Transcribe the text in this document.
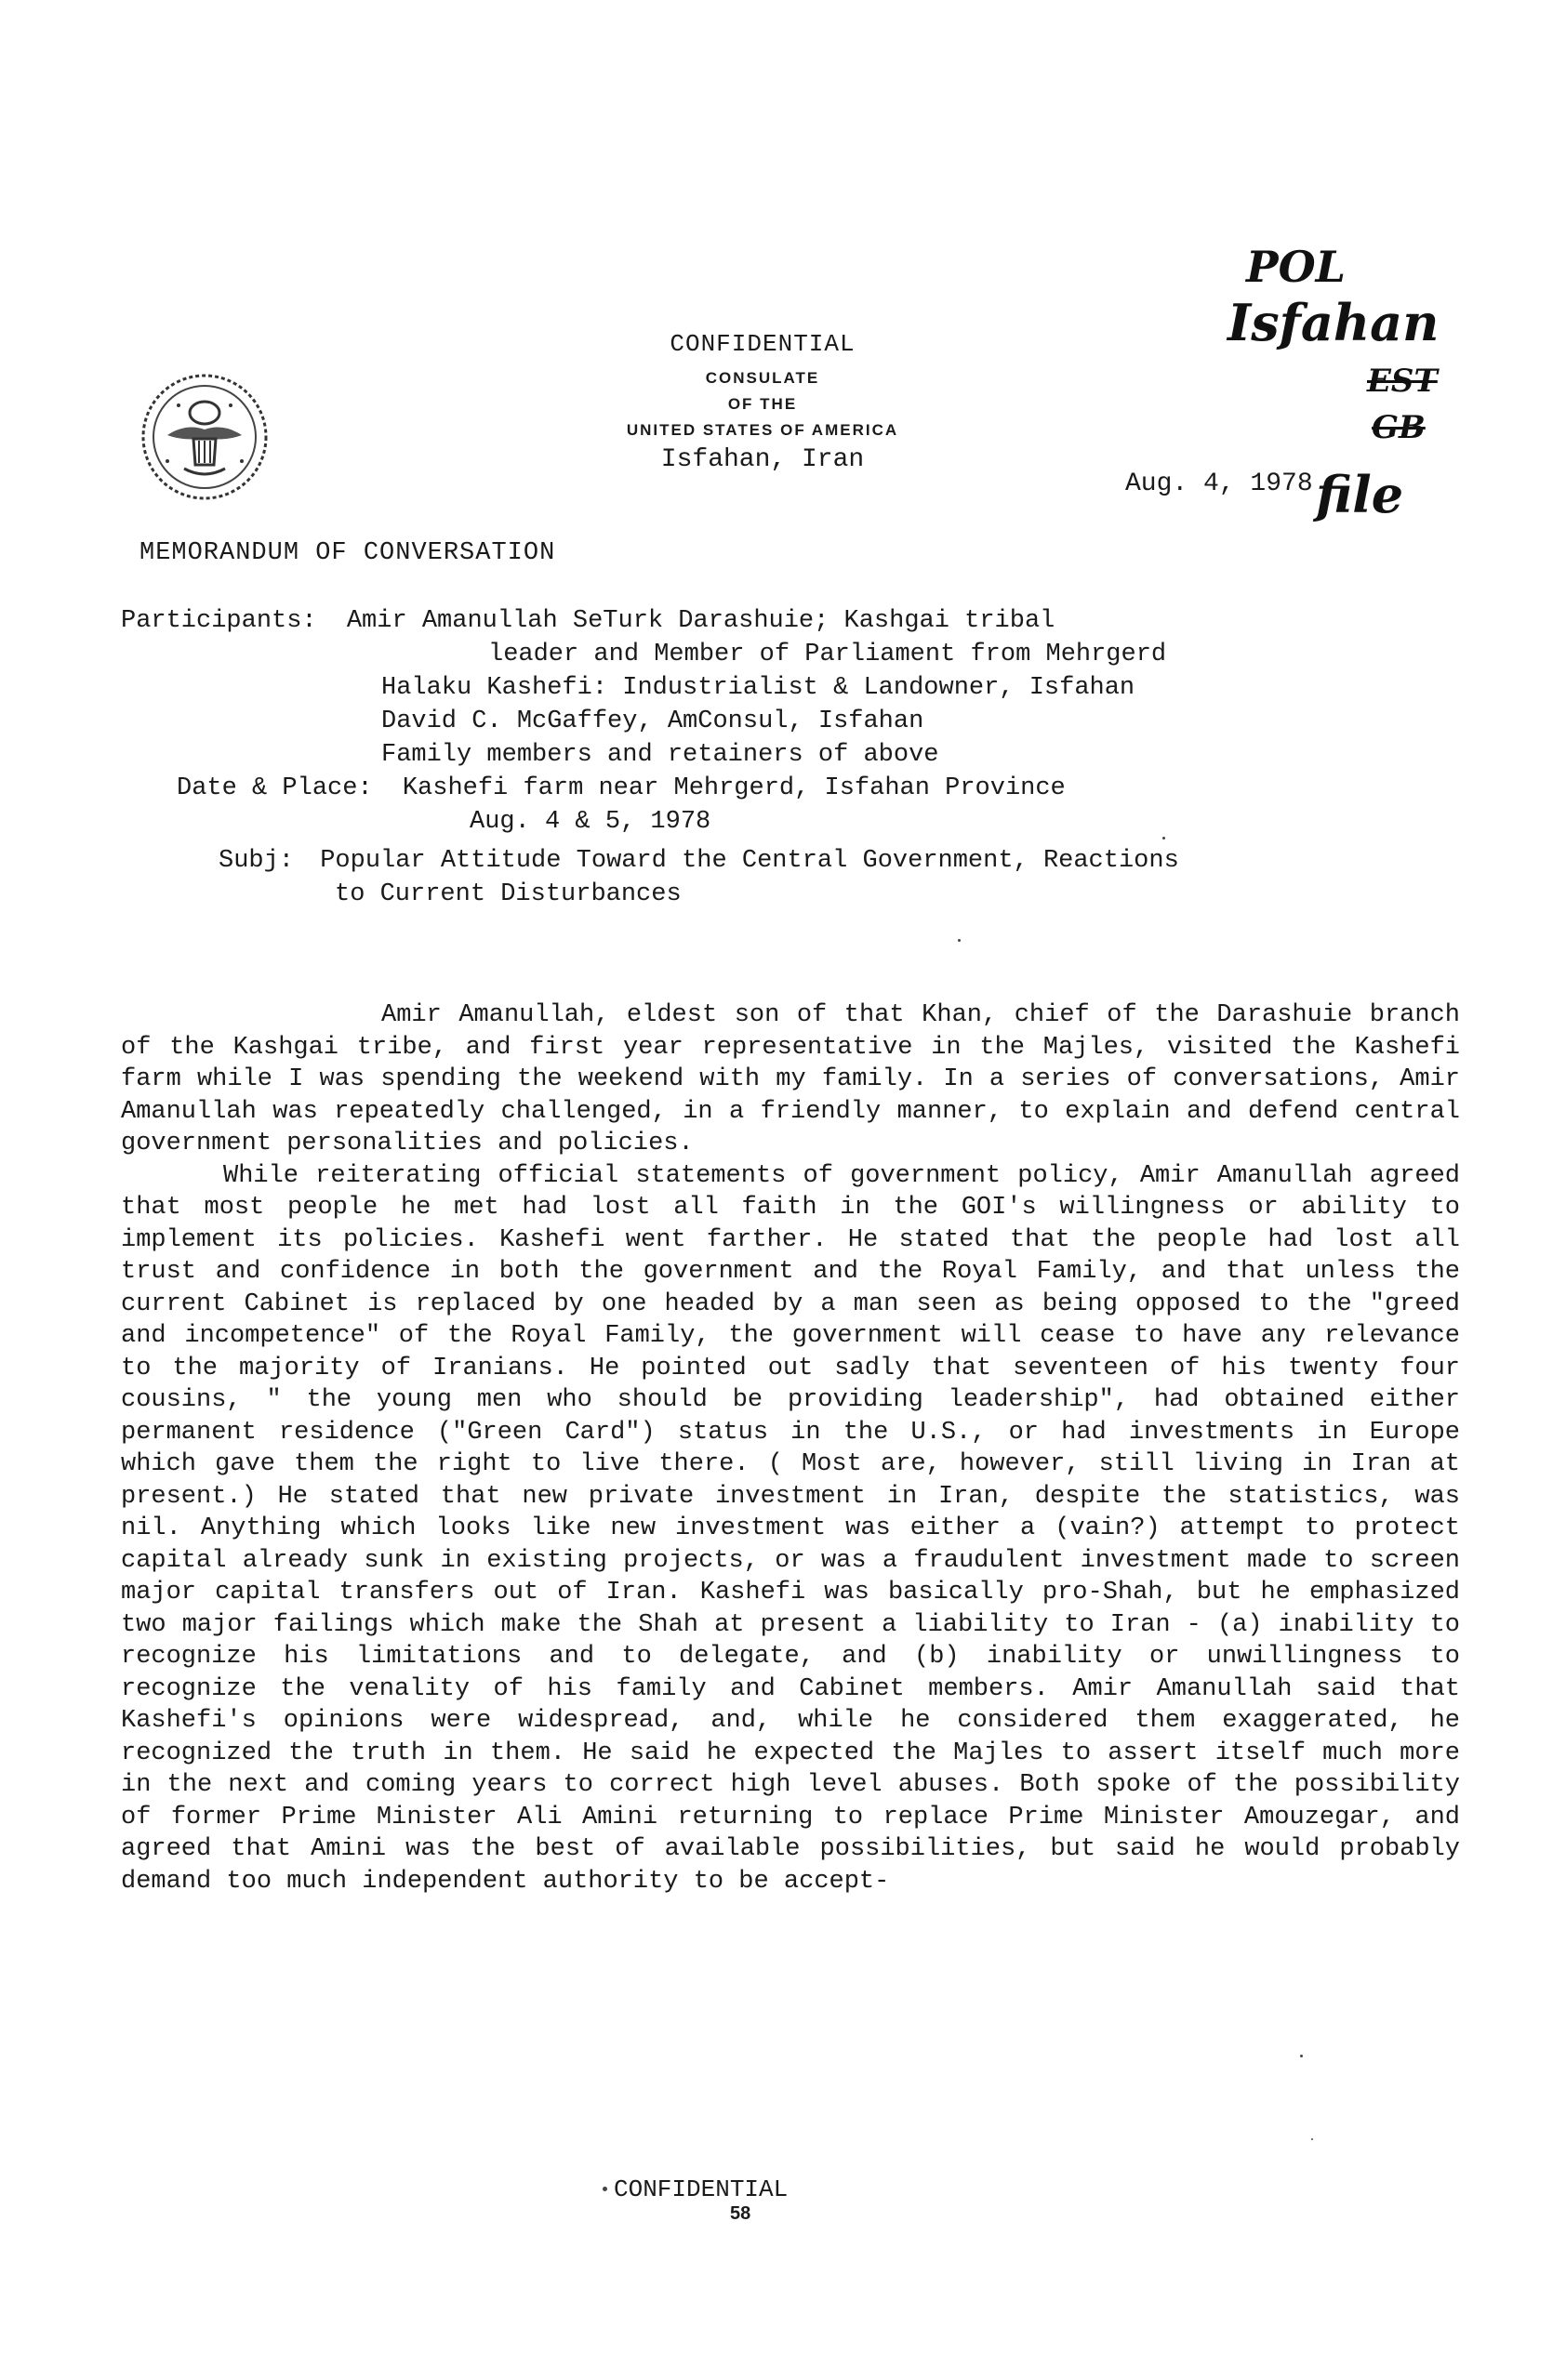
CONFIDENTIAL
CONSULATE
OF THE
UNITED STATES OF AMERICA
Isfahan, Iran
Aug. 4, 1978
POL
Isfahan
EST
GB
file
MEMORANDUM OF CONVERSATION
Participants: Amir Amanullah SeTurk Darashuie; Kashgai tribal
leader and Member of Parliament from Mehrgerd
Halaku Kashefi: Industrialist & Landowner, Isfahan
David C. McGaffey, AmConsul, Isfahan
Family members and retainers of above
Date & Place: Kashefi farm near Mehrgerd, Isfahan Province
Aug. 4 & 5, 1978
Subj: Popular Attitude Toward the Central Government, Reactions
to Current Disturbances

Amir Amanullah, eldest son of that Khan, chief of the Darashuie branch of the Kashgai tribe, and first year representative in the Majles, visited the Kashefi farm while I was spending the weekend with my family. In a series of conversations, Amir Amanullah was repeatedly challenged, in a friendly manner, to explain and defend central government personalities and policies.

While reiterating official statements of government policy, Amir Amanullah agreed that most people he met had lost all faith in the GOI's willingness or ability to implement its policies. Kashefi went farther. He stated that the people had lost all trust and confidence in both the government and the Royal Family, and that unless the current Cabinet is replaced by one headed by a man seen as being opposed to the "greed and incompetence" of the Royal Family, the government will cease to have any relevance to the majority of Iranians. He pointed out sadly that seventeen of his twenty four cousins, " the young men who should be providing leadership", had obtained either permanent residence ("Green Card") status in the U.S., or had investments in Europe which gave them the right to live there. ( Most are, however, still living in Iran at present.) He stated that new private investment in Iran, despite the statistics, was nil. Anything which looks like new investment was either a (vain?) attempt to protect capital already sunk in existing projects, or was a fraudulent investment made to screen major capital transfers out of Iran. Kashefi was basically pro-Shah, but he emphasized two major failings which make the Shah at present a liability to Iran - (a) inability to recognize his limitations and to delegate, and (b) inability or unwillingness to recognize the venality of his family and Cabinet members. Amir Amanullah said that Kashefi's opinions were widespread, and, while he considered them exaggerated, he recognized the truth in them. He said he expected the Majles to assert itself much more in the next and coming years to correct high level abuses. Both spoke of the possibility of former Prime Minister Ali Amini returning to replace Prime Minister Amouzegar, and agreed that Amini was the best of available possibilities, but said he would probably demand too much independent authority to be accept-

CONFIDENTIAL
58
